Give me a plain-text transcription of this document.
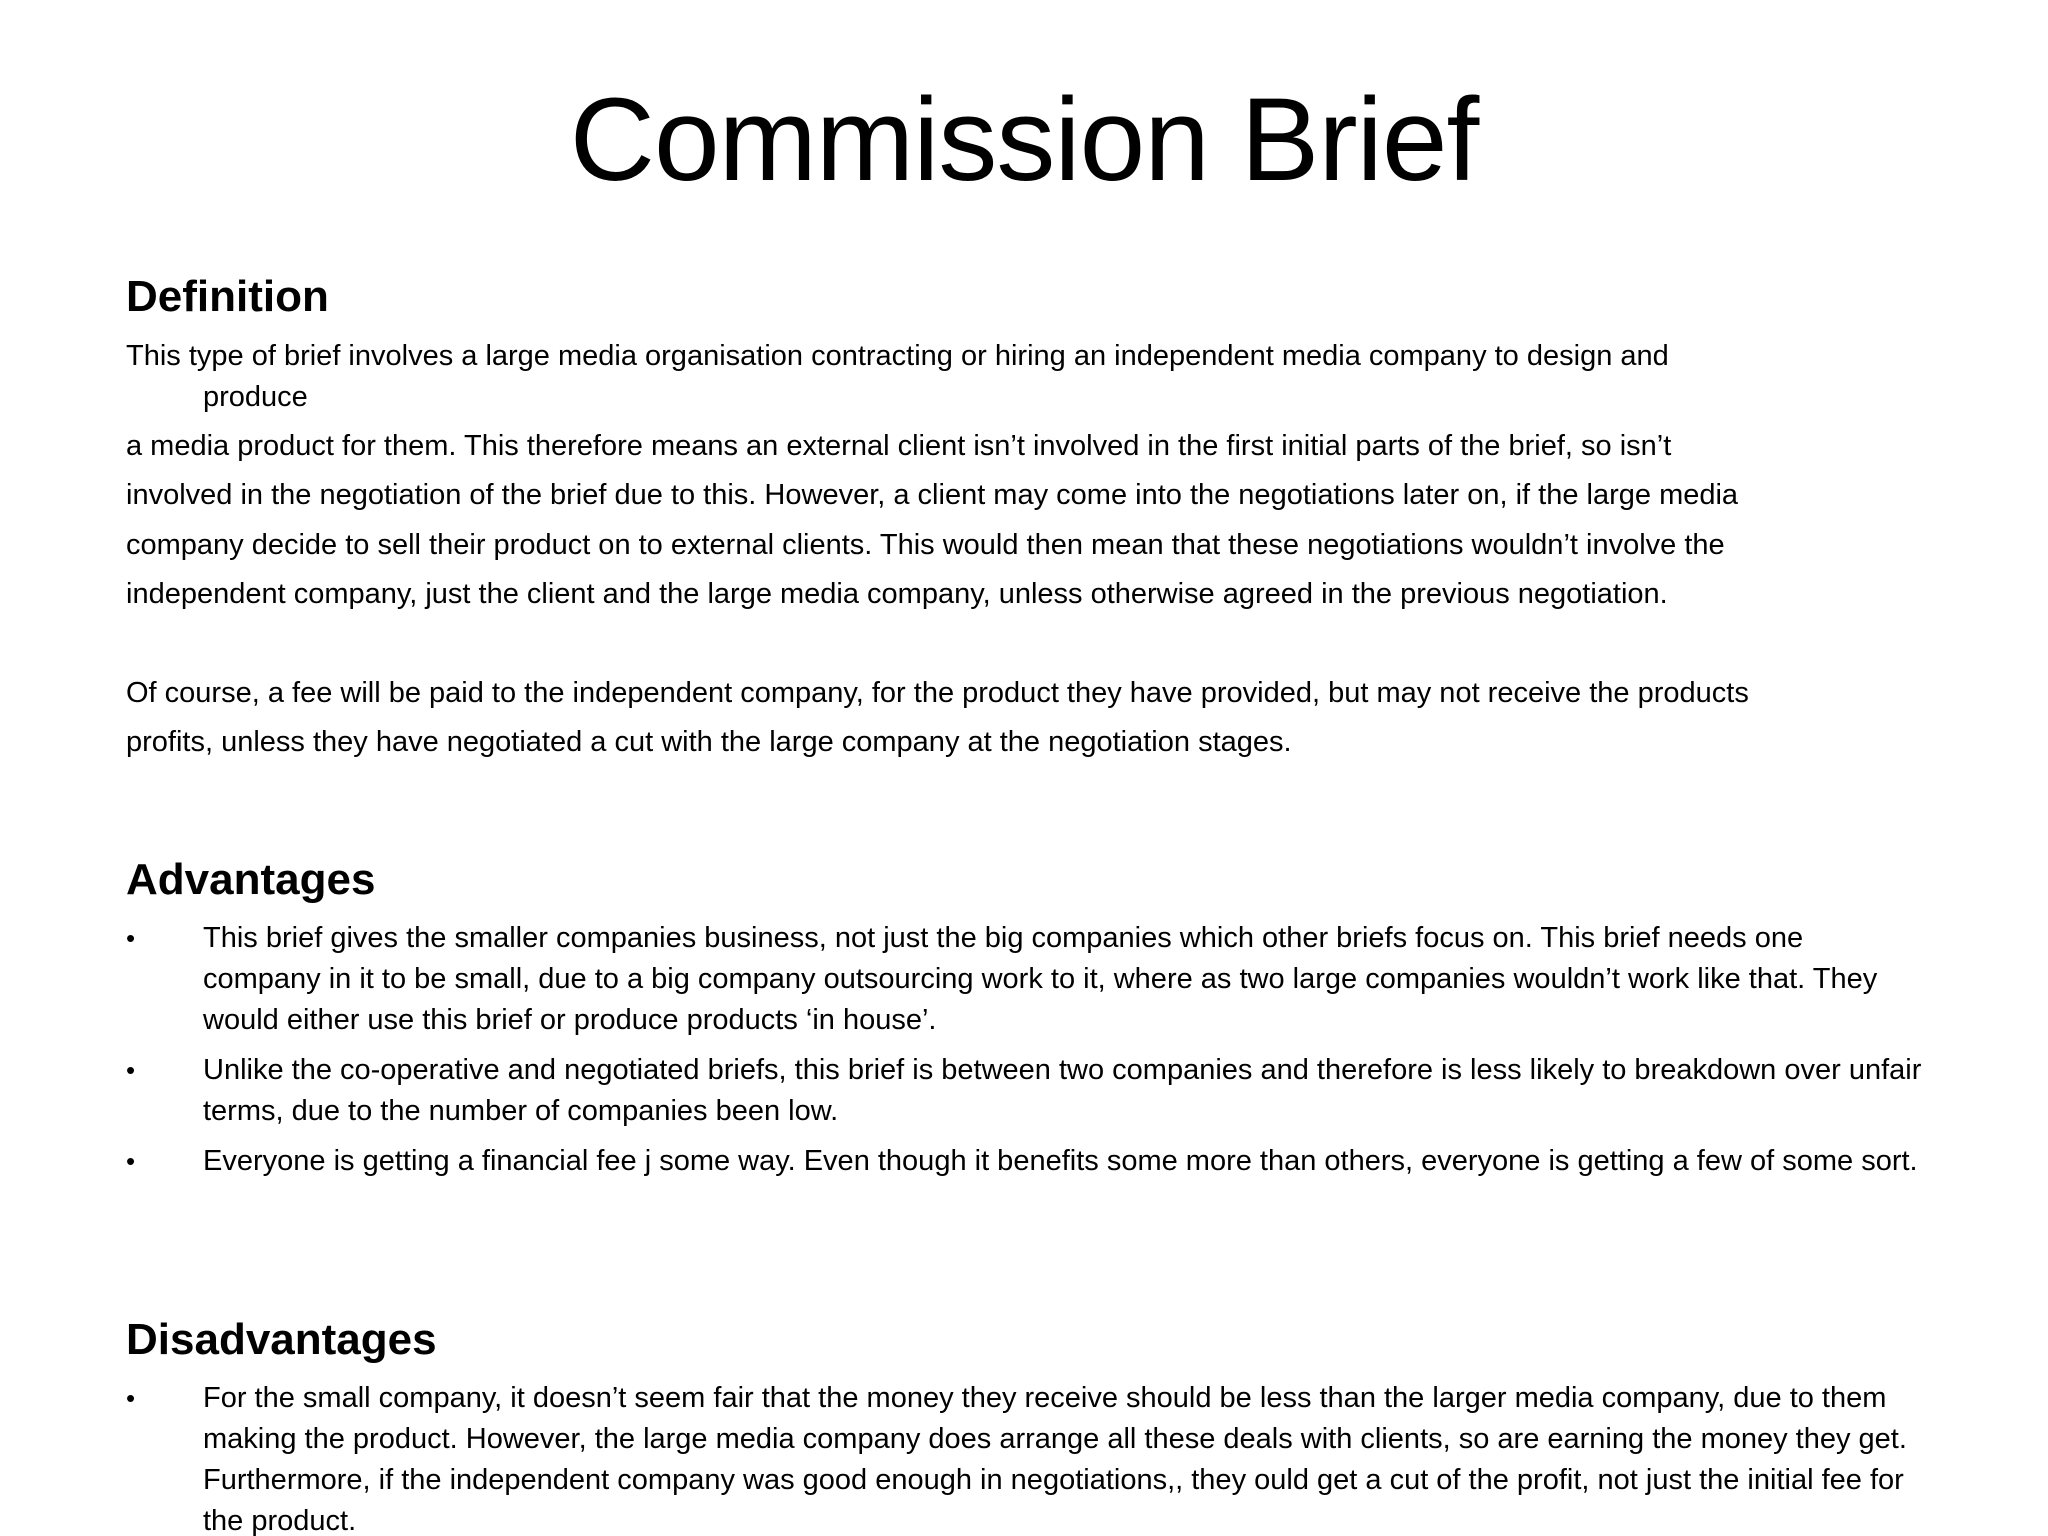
Commission Brief
Definition

This type of brief involves a large media organisation contracting or hiring an independent media company to design and

produce

a media product for them. This therefore means an external client isn’t involved in the first initial parts of the brief, so isn’t

involved in the negotiation of the brief due to this. However, a client may come into the negotiations later on, if the large media

company decide to sell their product on to external clients. This would then mean that these negotiations wouldn’t involve the

independent company, just the client and the large media company, unless otherwise agreed in the previous negotiation.

Of course, a fee will be paid to the independent company, for the product they have provided, but may not receive the products

profits, unless they have negotiated a cut with the large company at the negotiation stages.

Advantages
• This brief gives the smaller companies business, not just the big companies which other briefs focus on. This brief needs one company in it to be small, due to a big company outsourcing work to it, where as two large companies wouldn’t work like that. They would either use this brief or produce products ‘in house’.

• Unlike the co-operative and negotiated briefs, this brief is between two companies and therefore is less likely to breakdown over unfair terms, due to the number of companies been low.

• Everyone is getting a financial fee j some way. Even though it benefits some more than others, everyone is getting a few of some sort.

Disadvantages
• For the small company, it doesn’t seem fair that the money they receive should be less than the larger media company, due to them making the product. However, the large media company does arrange all these deals with clients, so are earning the money they get. Furthermore, if the independent company was good enough in negotiations,, they ould get a cut of the profit, not just the initial fee for the product.
